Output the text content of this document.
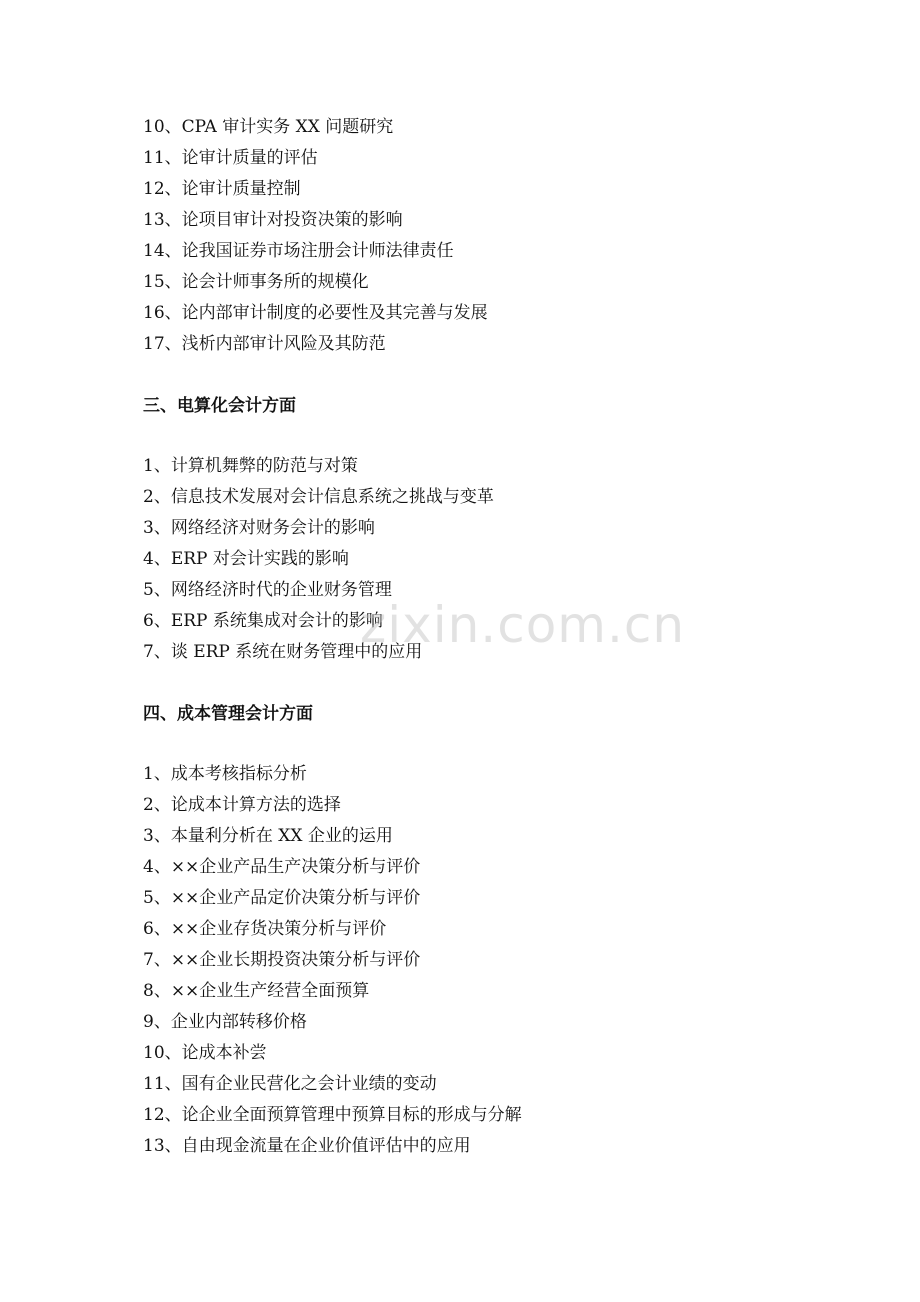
10、CPA 审计实务 XX 问题研究
11、论审计质量的评估
12、论审计质量控制
13、论项目审计对投资决策的影响
14、论我国证券市场注册会计师法律责任
15、论会计师事务所的规模化
16、论内部审计制度的必要性及其完善与发展
17、浅析内部审计风险及其防范
三、电算化会计方面
1、计算机舞弊的防范与对策
2、信息技术发展对会计信息系统之挑战与变革
3、网络经济对财务会计的影响
4、ERP 对会计实践的影响
5、网络经济时代的企业财务管理
6、ERP 系统集成对会计的影响
7、谈 ERP 系统在财务管理中的应用
四、成本管理会计方面
1、成本考核指标分析
2、论成本计算方法的选择
3、本量利分析在 XX 企业的运用
4、××企业产品生产决策分析与评价
5、××企业产品定价决策分析与评价
6、××企业存货决策分析与评价
7、××企业长期投资决策分析与评价
8、××企业生产经营全面预算
9、企业内部转移价格
10、论成本补尝
11、国有企业民营化之会计业绩的变动
12、论企业全面预算管理中预算目标的形成与分解
13、自由现金流量在企业价值评估中的应用
zixin.com.cn
